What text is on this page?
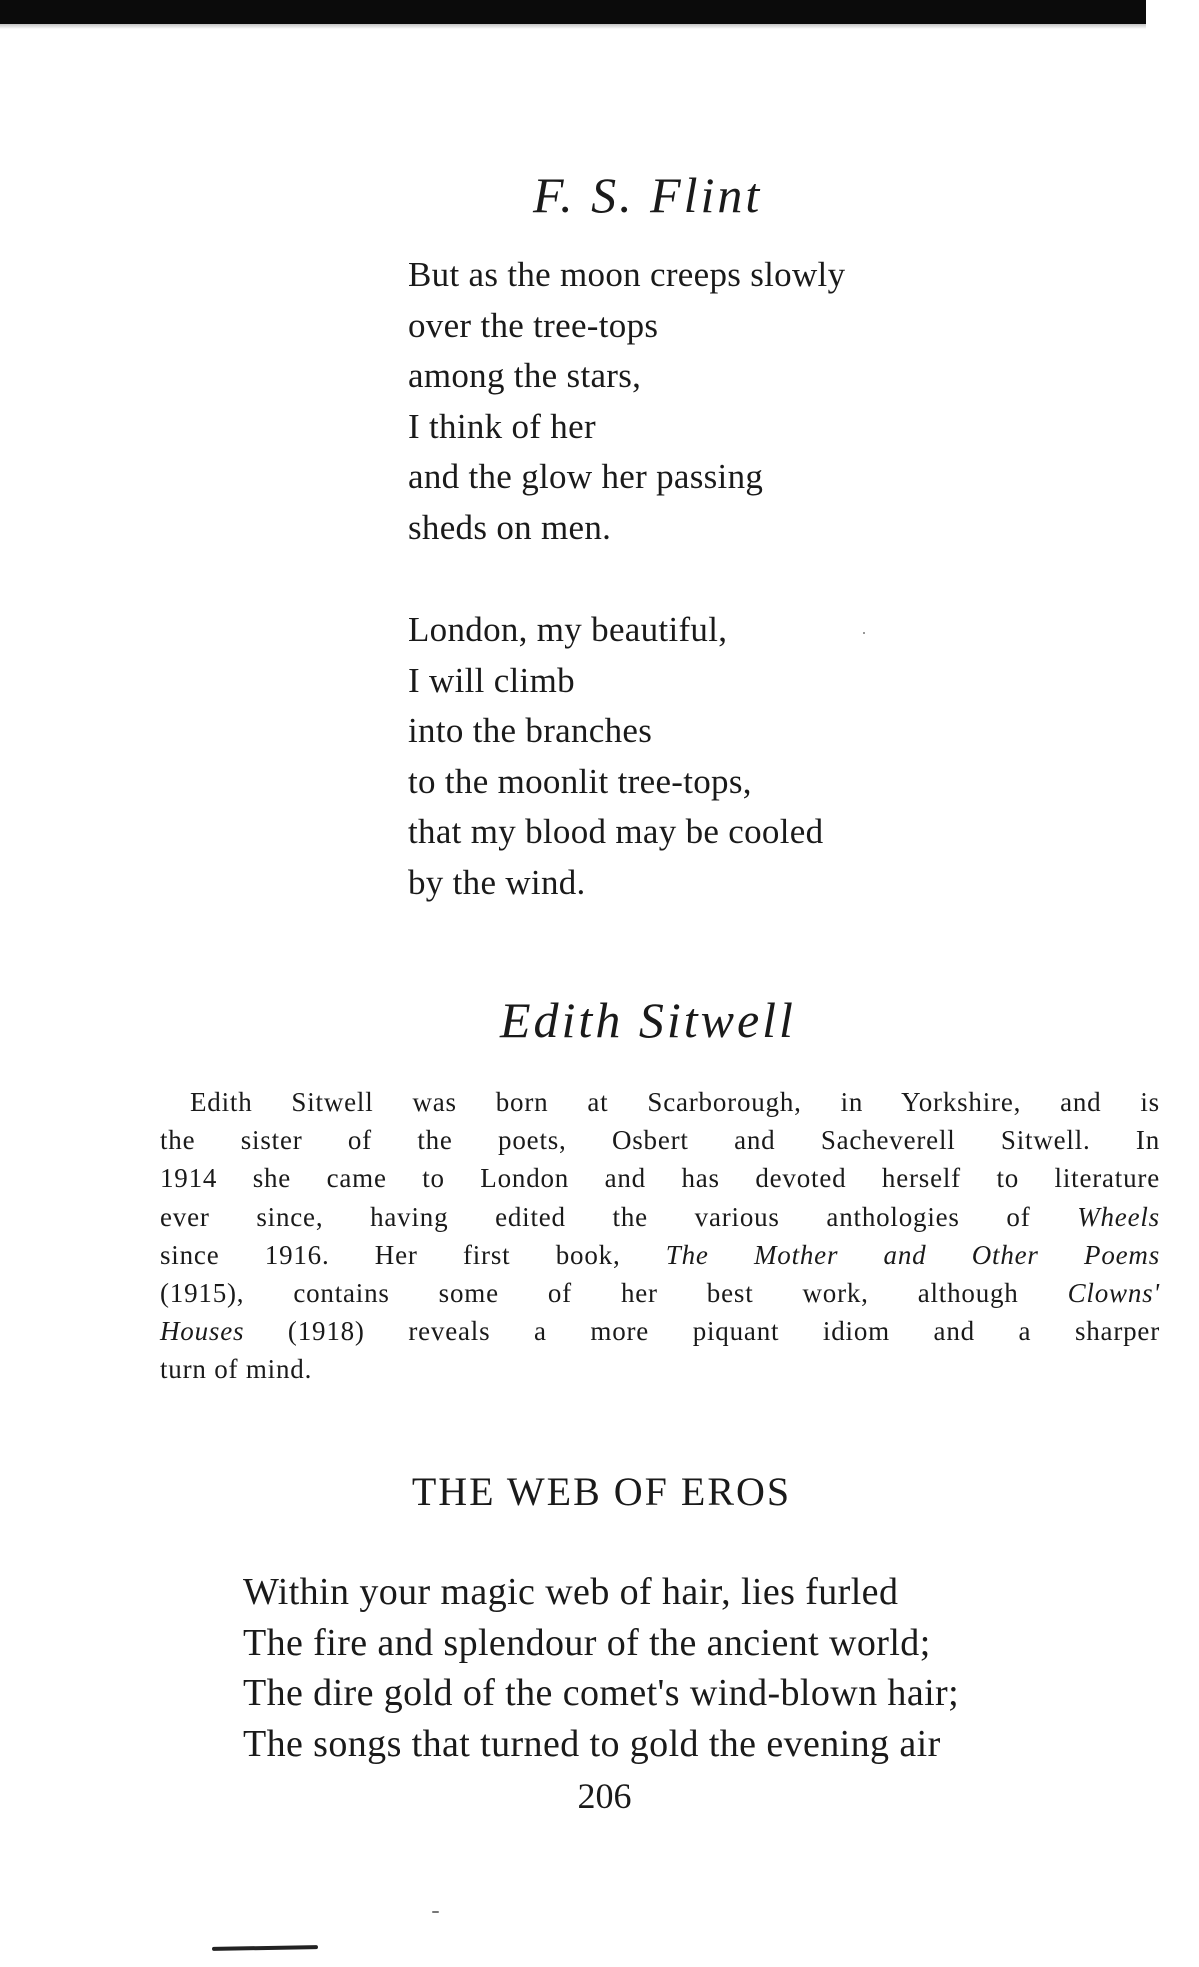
F. S. Flint
But as the moon creeps slowly
over the tree-tops
among the stars,
I think of her
and the glow her passing
sheds on men.
London, my beautiful,
I will climb
into the branches
to the moonlit tree-tops,
that my blood may be cooled
by the wind.
Edith Sitwell
Edith Sitwell was born at Scarborough, in Yorkshire, and is
the sister of the poets, Osbert and Sacheverell Sitwell. In
1914 she came to London and has devoted herself to literature
ever since, having edited the various anthologies of Wheels
since 1916. Her first book, The Mother and Other Poems
(1915), contains some of her best work, although Clowns'
Houses (1918) reveals a more piquant idiom and a sharper
turn of mind.
THE WEB OF EROS
Within your magic web of hair, lies furled
The fire and splendour of the ancient world;
The dire gold of the comet's wind-blown hair;
The songs that turned to gold the evening air
206
